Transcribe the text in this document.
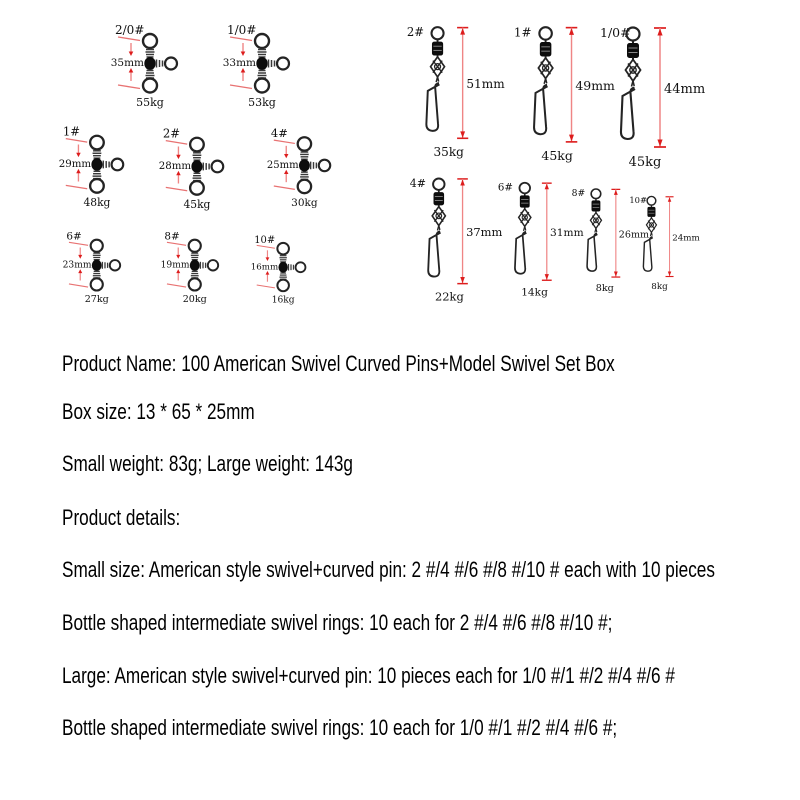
2/0#
35mm
55kg
1/0#
33mm
53kg
1#
29mm
48kg
2#
28mm
45kg
4#
25mm
30kg
6#
23mm
27kg
8#
19mm
20kg
10#
16mm
16kg
2#
51mm
35kg
1#
49mm
45kg
1/0#
44mm
45kg
4#
37mm
22kg
6#
31mm
14kg
8#
26mm
8kg
10#
24mm
8kg

Product Name: 100 American Swivel Curved Pins+Model Swivel Set Box

Box size: 13 * 65 * 25mm

Small weight: 83g; Large weight: 143g

Product details:

Small size: American style swivel+curved pin: 2 #/4 #/6 #/8 #/10 # each with 10 pieces

Bottle shaped intermediate swivel rings: 10 each for 2 #/4 #/6 #/8 #/10 #;

Large: American style swivel+curved pin: 10 pieces each for 1/0 #/1 #/2 #/4 #/6 #

Bottle shaped intermediate swivel rings: 10 each for 1/0 #/1 #/2 #/4 #/6 #;
